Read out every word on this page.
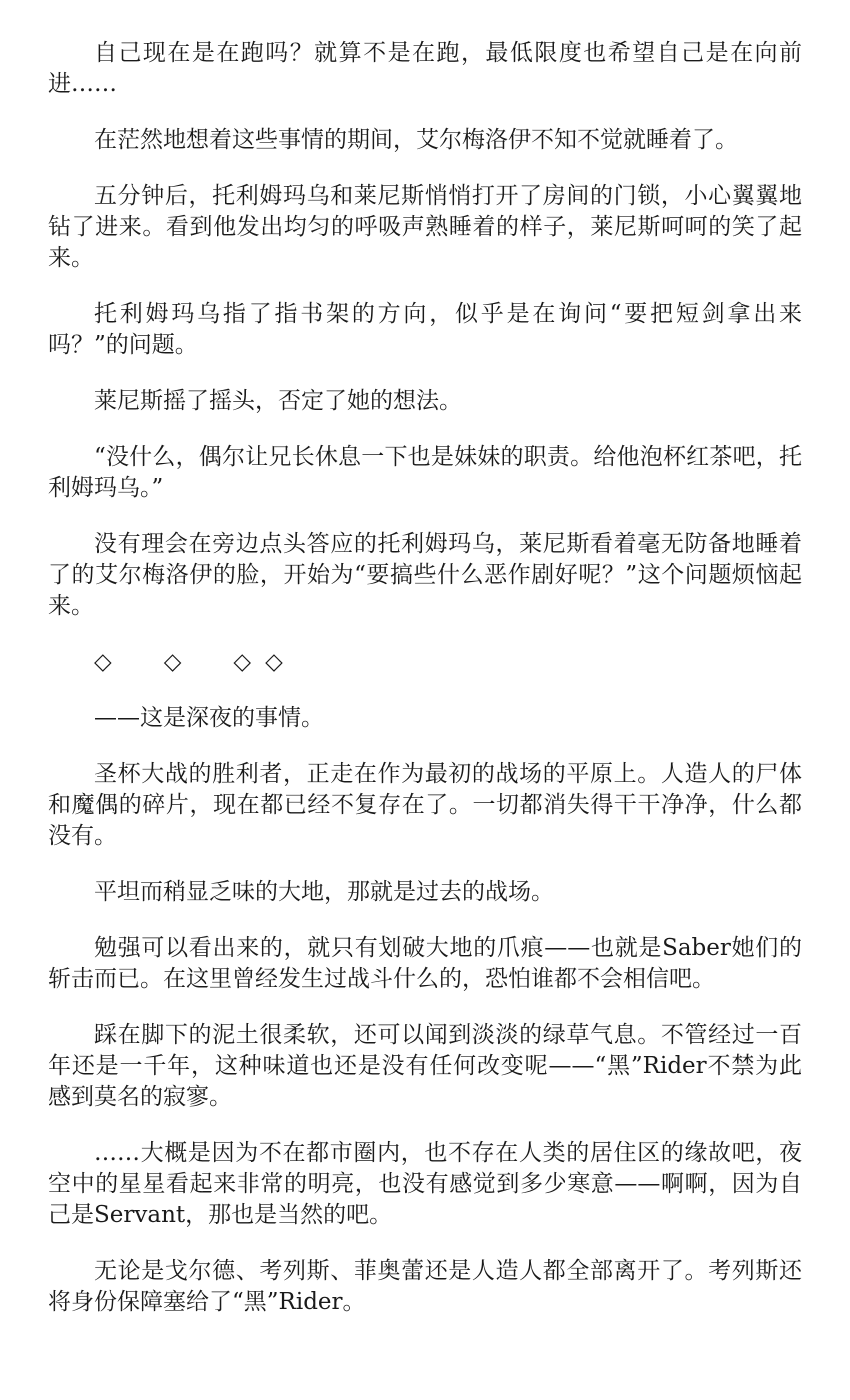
自己现在是在跑吗？就算不是在跑，最低限度也希望自己是在向前进……

在茫然地想着这些事情的期间，艾尔梅洛伊不知不觉就睡着了。

五分钟后，托利姆玛乌和莱尼斯悄悄打开了房间的门锁，小心翼翼地钻了进来。看到他发出均匀的呼吸声熟睡着的样子，莱尼斯呵呵的笑了起来。

托利姆玛乌指了指书架的方向，似乎是在询问“要把短剑拿出来吗？”的问题。

莱尼斯摇了摇头，否定了她的想法。

“没什么，偶尔让兄长休息一下也是妹妹的职责。给他泡杯红茶吧，托利姆玛乌。”

没有理会在旁边点头答应的托利姆玛乌，莱尼斯看着毫无防备地睡着了的艾尔梅洛伊的脸，开始为“要搞些什么恶作剧好呢？”这个问题烦恼起来。

◇ ◇ ◇ ◇

——这是深夜的事情。

圣杯大战的胜利者，正走在作为最初的战场的平原上。人造人的尸体和魔偶的碎片，现在都已经不复存在了。一切都消失得干干净净，什么都没有。

平坦而稍显乏味的大地，那就是过去的战场。

勉强可以看出来的，就只有划破大地的爪痕——也就是Saber她们的斩击而已。在这里曾经发生过战斗什么的，恐怕谁都不会相信吧。

踩在脚下的泥土很柔软，还可以闻到淡淡的绿草气息。不管经过一百年还是一千年，这种味道也还是没有任何改变呢——“黑”Rider不禁为此感到莫名的寂寥。

……大概是因为不在都市圈内，也不存在人类的居住区的缘故吧，夜空中的星星看起来非常的明亮，也没有感觉到多少寒意——啊啊，因为自己是Servant，那也是当然的吧。

无论是戈尔德、考列斯、菲奥蕾还是人造人都全部离开了。考列斯还将身份保障塞给了“黑”Rider。
